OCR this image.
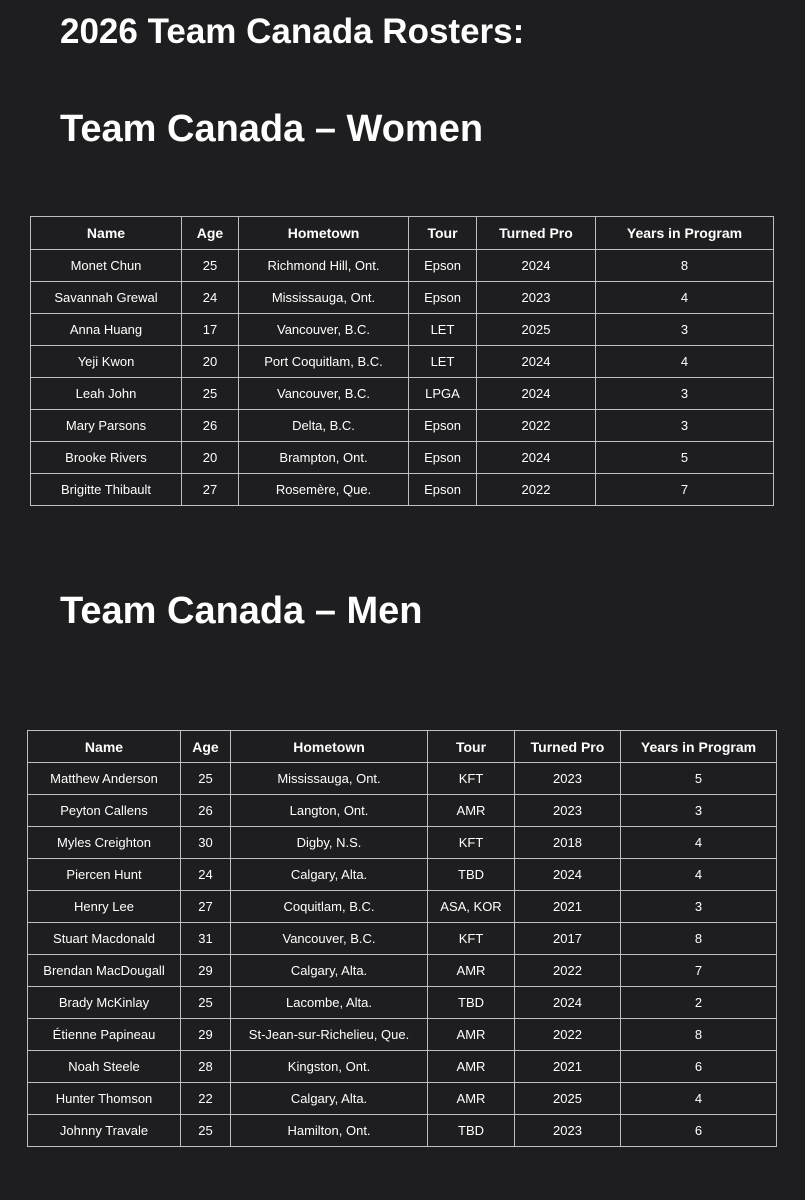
2026 Team Canada Rosters:
Team Canada – Women
Name	Age	Hometown	Tour	Turned Pro	Years in Program
Monet Chun	25	Richmond Hill, Ont.	Epson	2024	8
Savannah Grewal	24	Mississauga, Ont.	Epson	2023	4
Anna Huang	17	Vancouver, B.C.	LET	2025	3
Yeji Kwon	20	Port Coquitlam, B.C.	LET	2024	4
Leah John	25	Vancouver, B.C.	LPGA	2024	3
Mary Parsons	26	Delta, B.C.	Epson	2022	3
Brooke Rivers	20	Brampton, Ont.	Epson	2024	5
Brigitte Thibault	27	Rosemère, Que.	Epson	2022	7
Team Canada – Men
Name	Age	Hometown	Tour	Turned Pro	Years in Program
Matthew Anderson	25	Mississauga, Ont.	KFT	2023	5
Peyton Callens	26	Langton, Ont.	AMR	2023	3
Myles Creighton	30	Digby, N.S.	KFT	2018	4
Piercen Hunt	24	Calgary, Alta.	TBD	2024	4
Henry Lee	27	Coquitlam, B.C.	ASA, KOR	2021	3
Stuart Macdonald	31	Vancouver, B.C.	KFT	2017	8
Brendan MacDougall	29	Calgary, Alta.	AMR	2022	7
Brady McKinlay	25	Lacombe, Alta.	TBD	2024	2
Étienne Papineau	29	St-Jean-sur-Richelieu, Que.	AMR	2022	8
Noah Steele	28	Kingston, Ont.	AMR	2021	6
Hunter Thomson	22	Calgary, Alta.	AMR	2025	4
Johnny Travale	25	Hamilton, Ont.	TBD	2023	6
